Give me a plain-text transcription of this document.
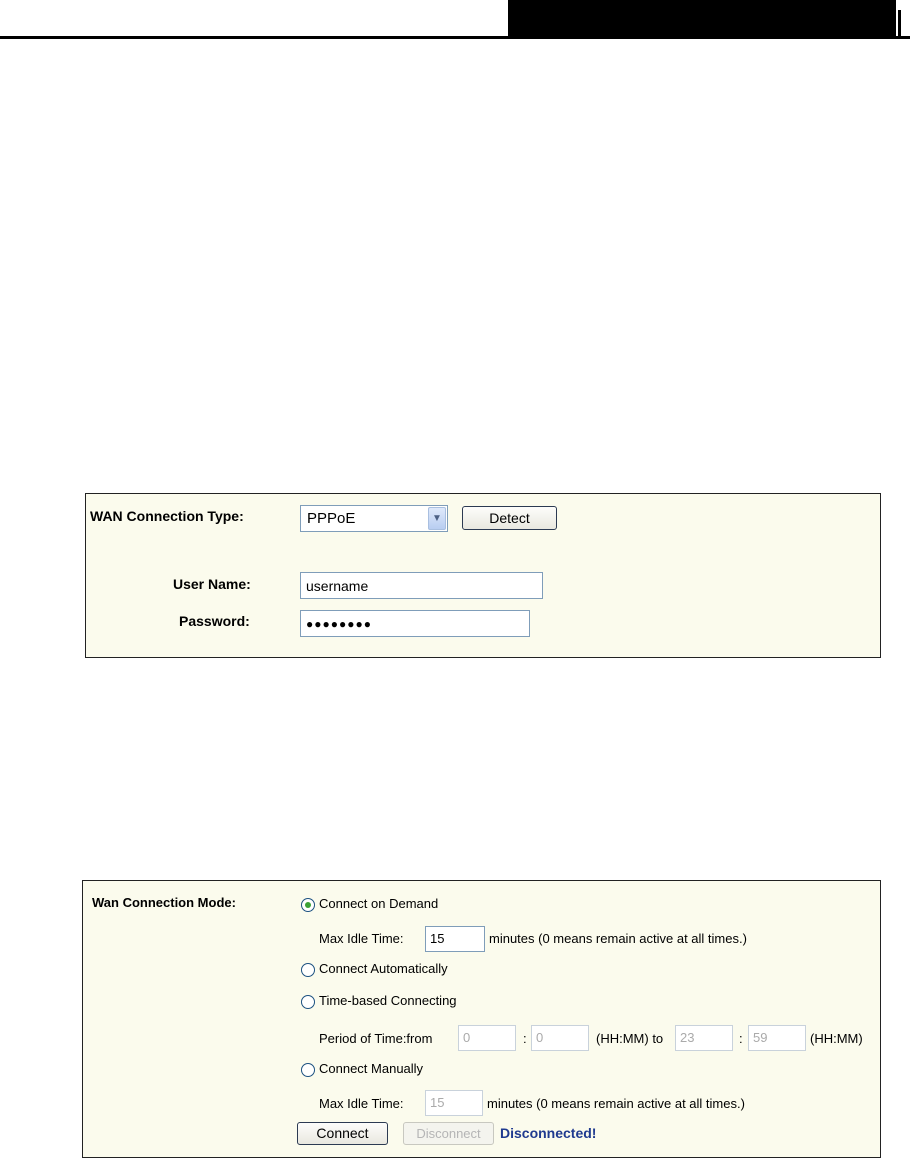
WAN Connection Type:	PPPoE	▼	Detect
User Name:	username
Password:	●●●●●●●●
Wan Connection Mode:	Connect on Demand
Max Idle Time:	15	minutes (0 means remain active at all times.)
Connect Automatically
Time-based Connecting
Period of Time:from	0	: 0	(HH:MM) to	23	: 59	(HH:MM)
Connect Manually
Max Idle Time:	15	minutes (0 means remain active at all times.)
Connect	Disconnect	Disconnected!
